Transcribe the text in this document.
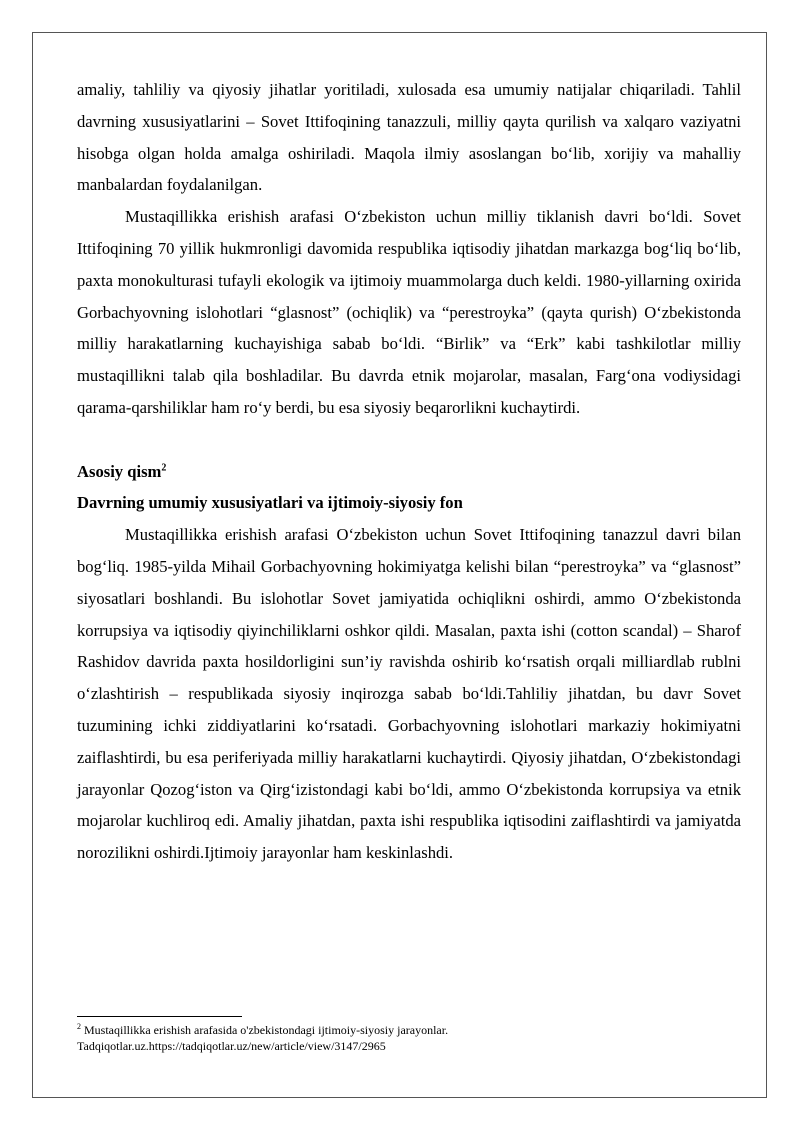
amaliy, tahliliy va qiyosiy jihatlar yoritiladi, xulosada esa umumiy natijalar chiqariladi. Tahlil davrning xususiyatlarini – Sovet Ittifoqining tanazzuli, milliy qayta qurilish va xalqaro vaziyatni hisobga olgan holda amalga oshiriladi. Maqola ilmiy asoslangan bo‘lib, xorijiy va mahalliy manbalardan foydalanilgan.

Mustaqillikka erishish arafasi O‘zbekiston uchun milliy tiklanish davri bo‘ldi. Sovet Ittifoqining 70 yillik hukmronligi davomida respublika iqtisodiy jihatdan markazga bog‘liq bo‘lib, paxta monokulturasi tufayli ekologik va ijtimoiy muammolarga duch keldi. 1980-yillarning oxirida Gorbachyovning islohotlari “glasnost” (ochiqlik) va “perestroyka” (qayta qurish) O‘zbekistonda milliy harakatlarning kuchayishiga sabab bo‘ldi. “Birlik” va “Erk” kabi tashkilotlar milliy mustaqillikni talab qila boshladilar. Bu davrda etnik mojarolar, masalan, Farg‘ona vodiysidagi qarama-qarshiliklar ham ro‘y berdi, bu esa siyosiy beqarorlikni kuchaytirdi.

Asosiy qism$^2$

Davrning umumiy xususiyatlari va ijtimoiy-siyosiy fon

Mustaqillikka erishish arafasi O‘zbekiston uchun Sovet Ittifoqining tanazzul davri bilan bog‘liq. 1985-yilda Mihail Gorbachyovning hokimiyatga kelishi bilan “perestroyka” va “glasnost” siyosatlari boshlandi. Bu islohotlar Sovet jamiyatida ochiqlikni oshirdi, ammo O‘zbekistonda korrupsiya va iqtisodiy qiyinchiliklarni oshkor qildi. Masalan, paxta ishi (cotton scandal) – Sharof Rashidov davrida paxta hosildorligini sun’iy ravishda oshirib ko‘rsatish orqali milliardlab rublni o‘zlashtirish – respublikada siyosiy inqirozga sabab bo‘ldi.Tahliliy jihatdan, bu davr Sovet tuzumining ichki ziddiyatlarini ko‘rsatadi. Gorbachyovning islohotlari markaziy hokimiyatni zaiflashtirdi, bu esa periferiyada milliy harakatlarni kuchaytirdi. Qiyosiy jihatdan, O‘zbekistondagi jarayonlar Qozog‘iston va Qirg‘izistondagi kabi bo‘ldi, ammo O‘zbekistonda korrupsiya va etnik mojarolar kuchliroq edi. Amaliy jihatdan, paxta ishi respublika iqtisodini zaiflashtirdi va jamiyatda norozilikni oshirdi.Ijtimoiy jarayonlar ham keskinlashdi.

$^2$ Mustaqillikka erishish arafasida o'zbekistondagi ijtimoiy-siyosiy jarayonlar.
Tadqiqotlar.uz.https://tadqiqotlar.uz/new/article/view/3147/2965
